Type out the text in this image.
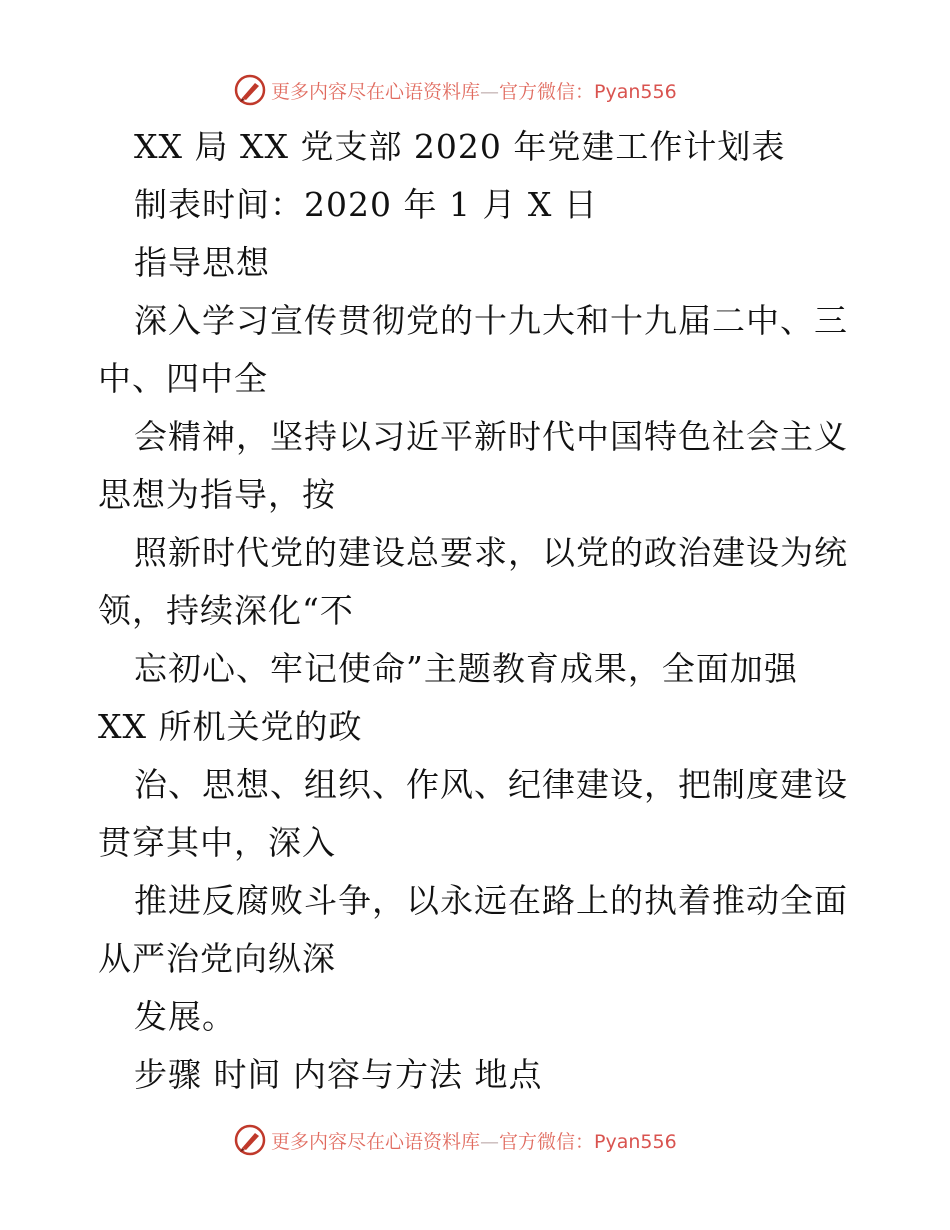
更多内容尽在心语资料库—官方微信：Pyan556
XX 局 XX 党支部 2020 年党建工作计划表
制表时间：2020 年 1 月 X 日
指导思想
深入学习宣传贯彻党的十九大和十九届二中、三
中、四中全
会精神，坚持以习近平新时代中国特色社会主义
思想为指导，按
照新时代党的建设总要求，以党的政治建设为统
领，持续深化“不
忘初心、牢记使命”主题教育成果，全面加强
XX 所机关党的政
治、思想、组织、作风、纪律建设，把制度建设
贯穿其中，深入
推进反腐败斗争，以永远在路上的执着推动全面
从严治党向纵深
发展。
步骤 时间 内容与方法 地点
更多内容尽在心语资料库—官方微信：Pyan556
